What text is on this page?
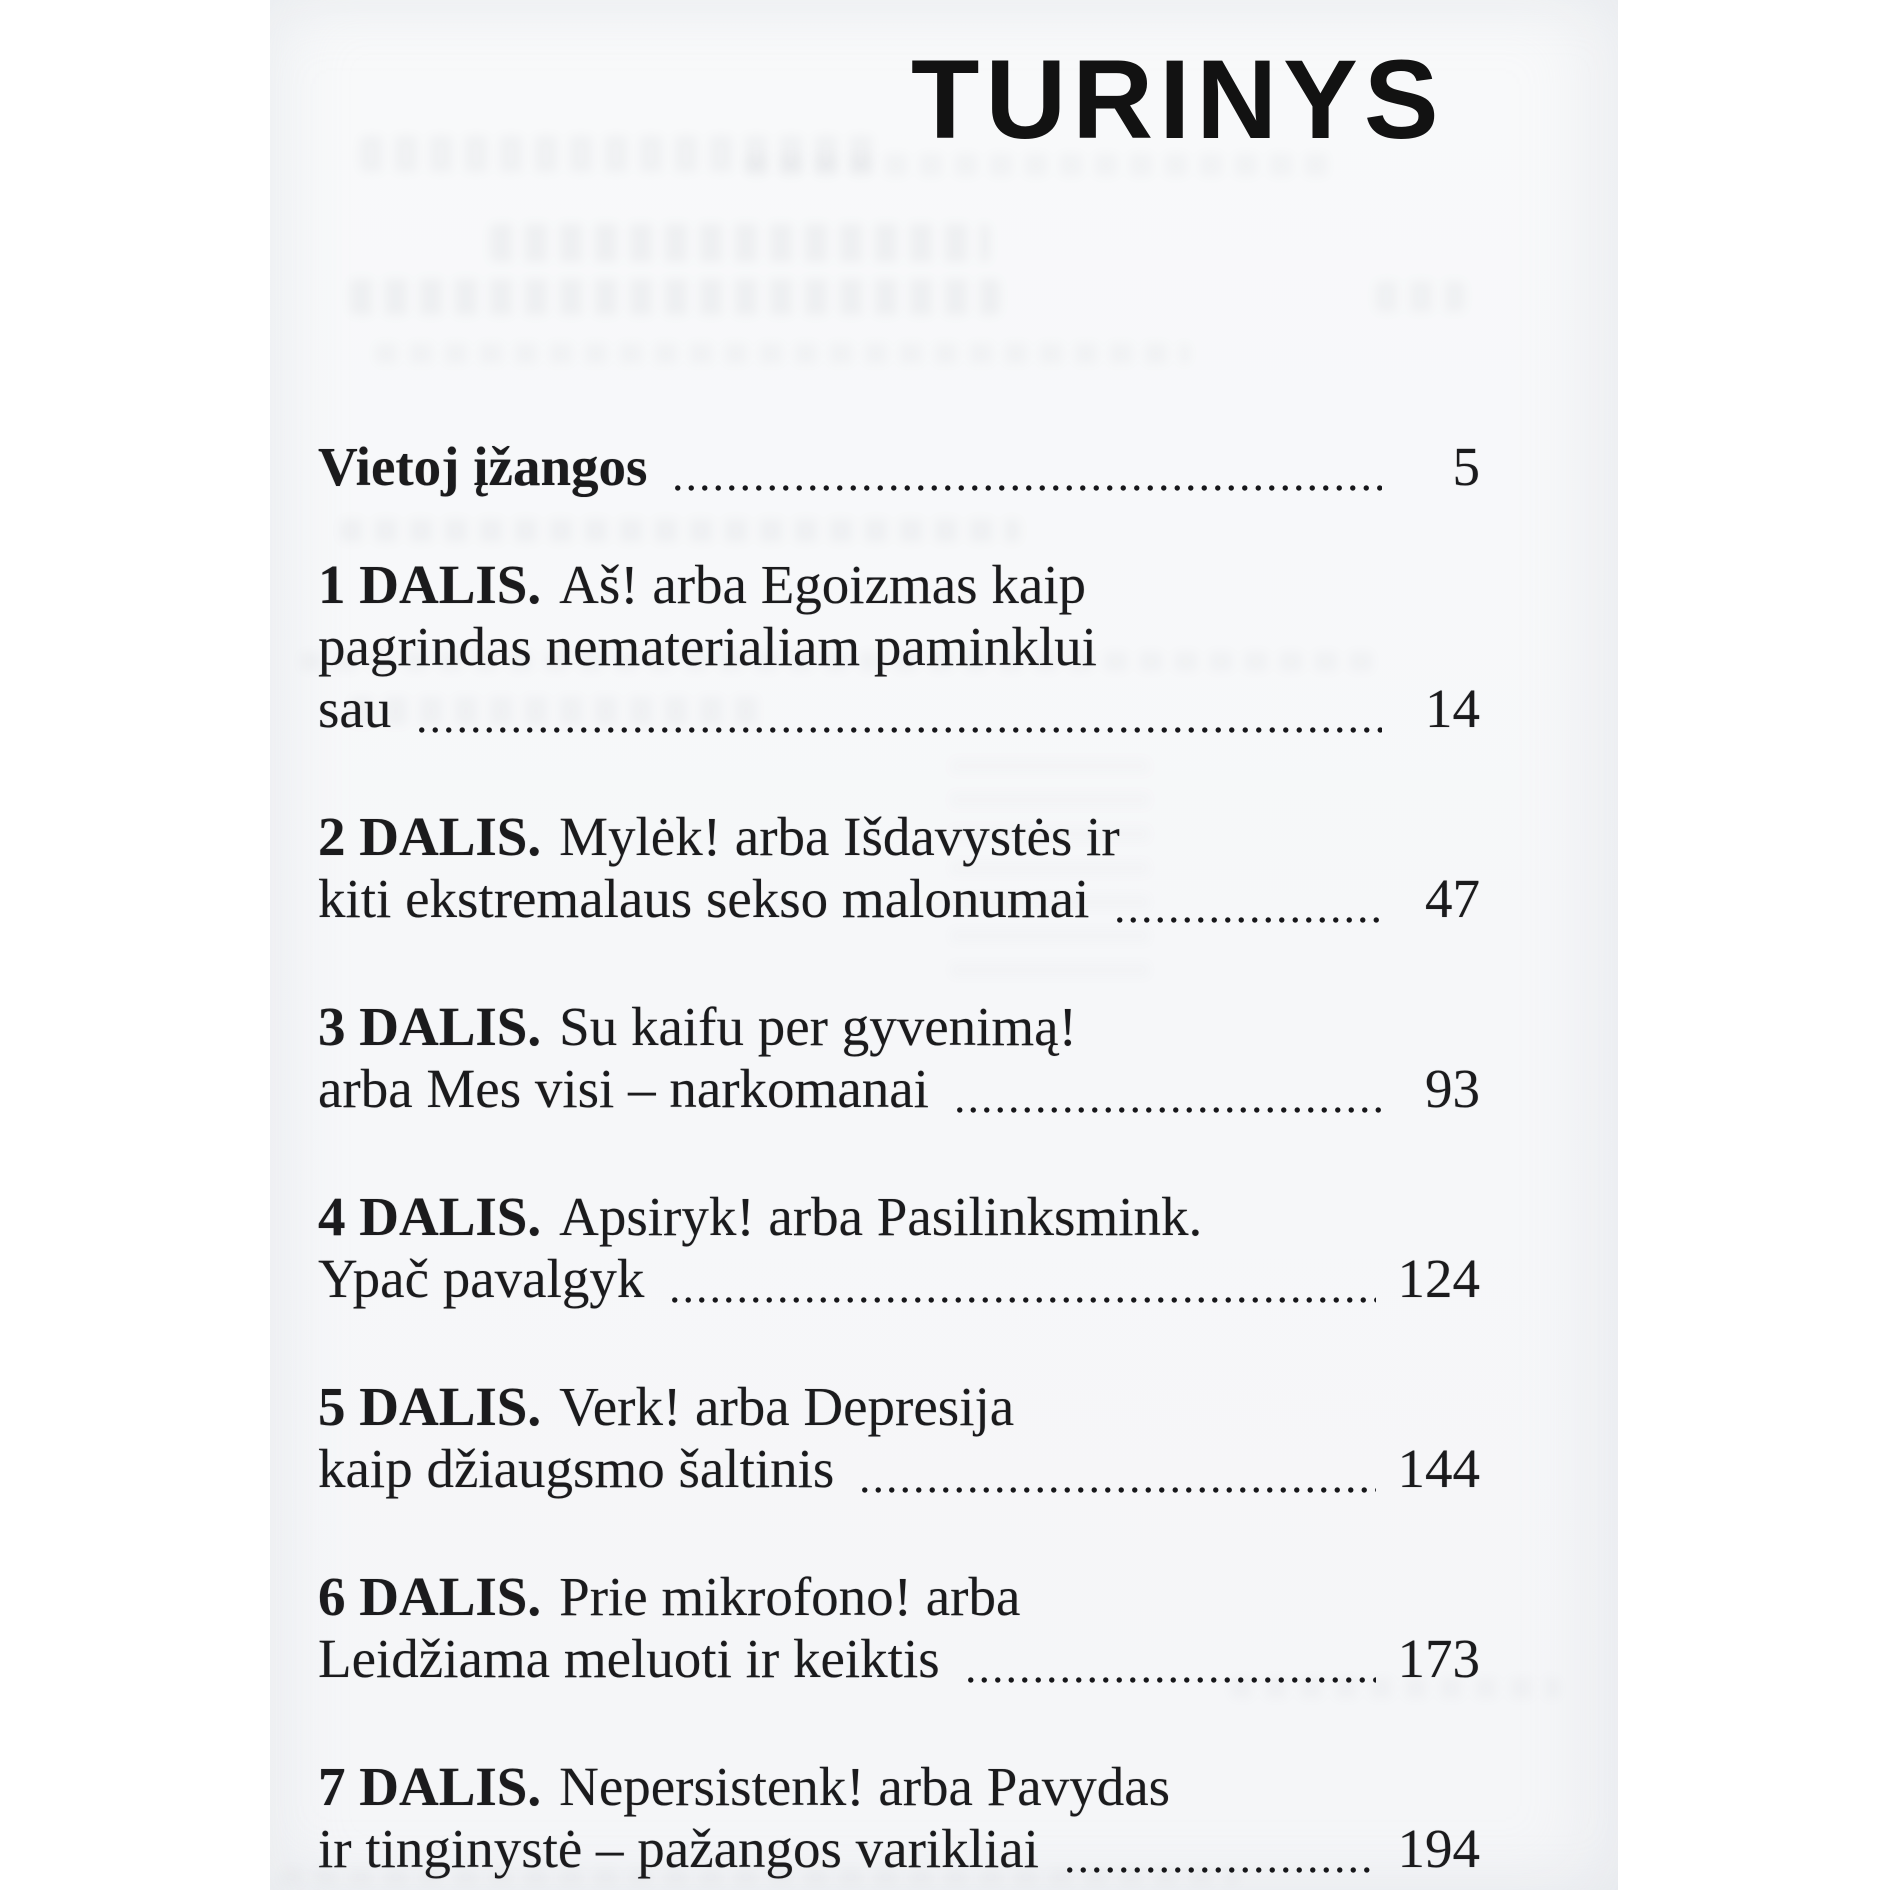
TURINYS
Vietoj įžangos	5
1 DALIS. Aš! arba Egoizmas kaip
pagrindas nematerialiam paminklui
sau	14
2 DALIS. Mylėk! arba Išdavystės ir
kiti ekstremalaus sekso malonumai	47
3 DALIS. Su kaifu per gyvenimą!
arba Mes visi – narkomanai	93
4 DALIS. Apsiryk! arba Pasilinksmink.
Ypač pavalgyk	124
5 DALIS. Verk! arba Depresija
kaip džiaugsmo šaltinis	144
6 DALIS. Prie mikrofono! arba
Leidžiama meluoti ir keiktis	173
7 DALIS. Nepersistenk! arba Pavydas
ir tinginystė – pažangos varikliai	194
